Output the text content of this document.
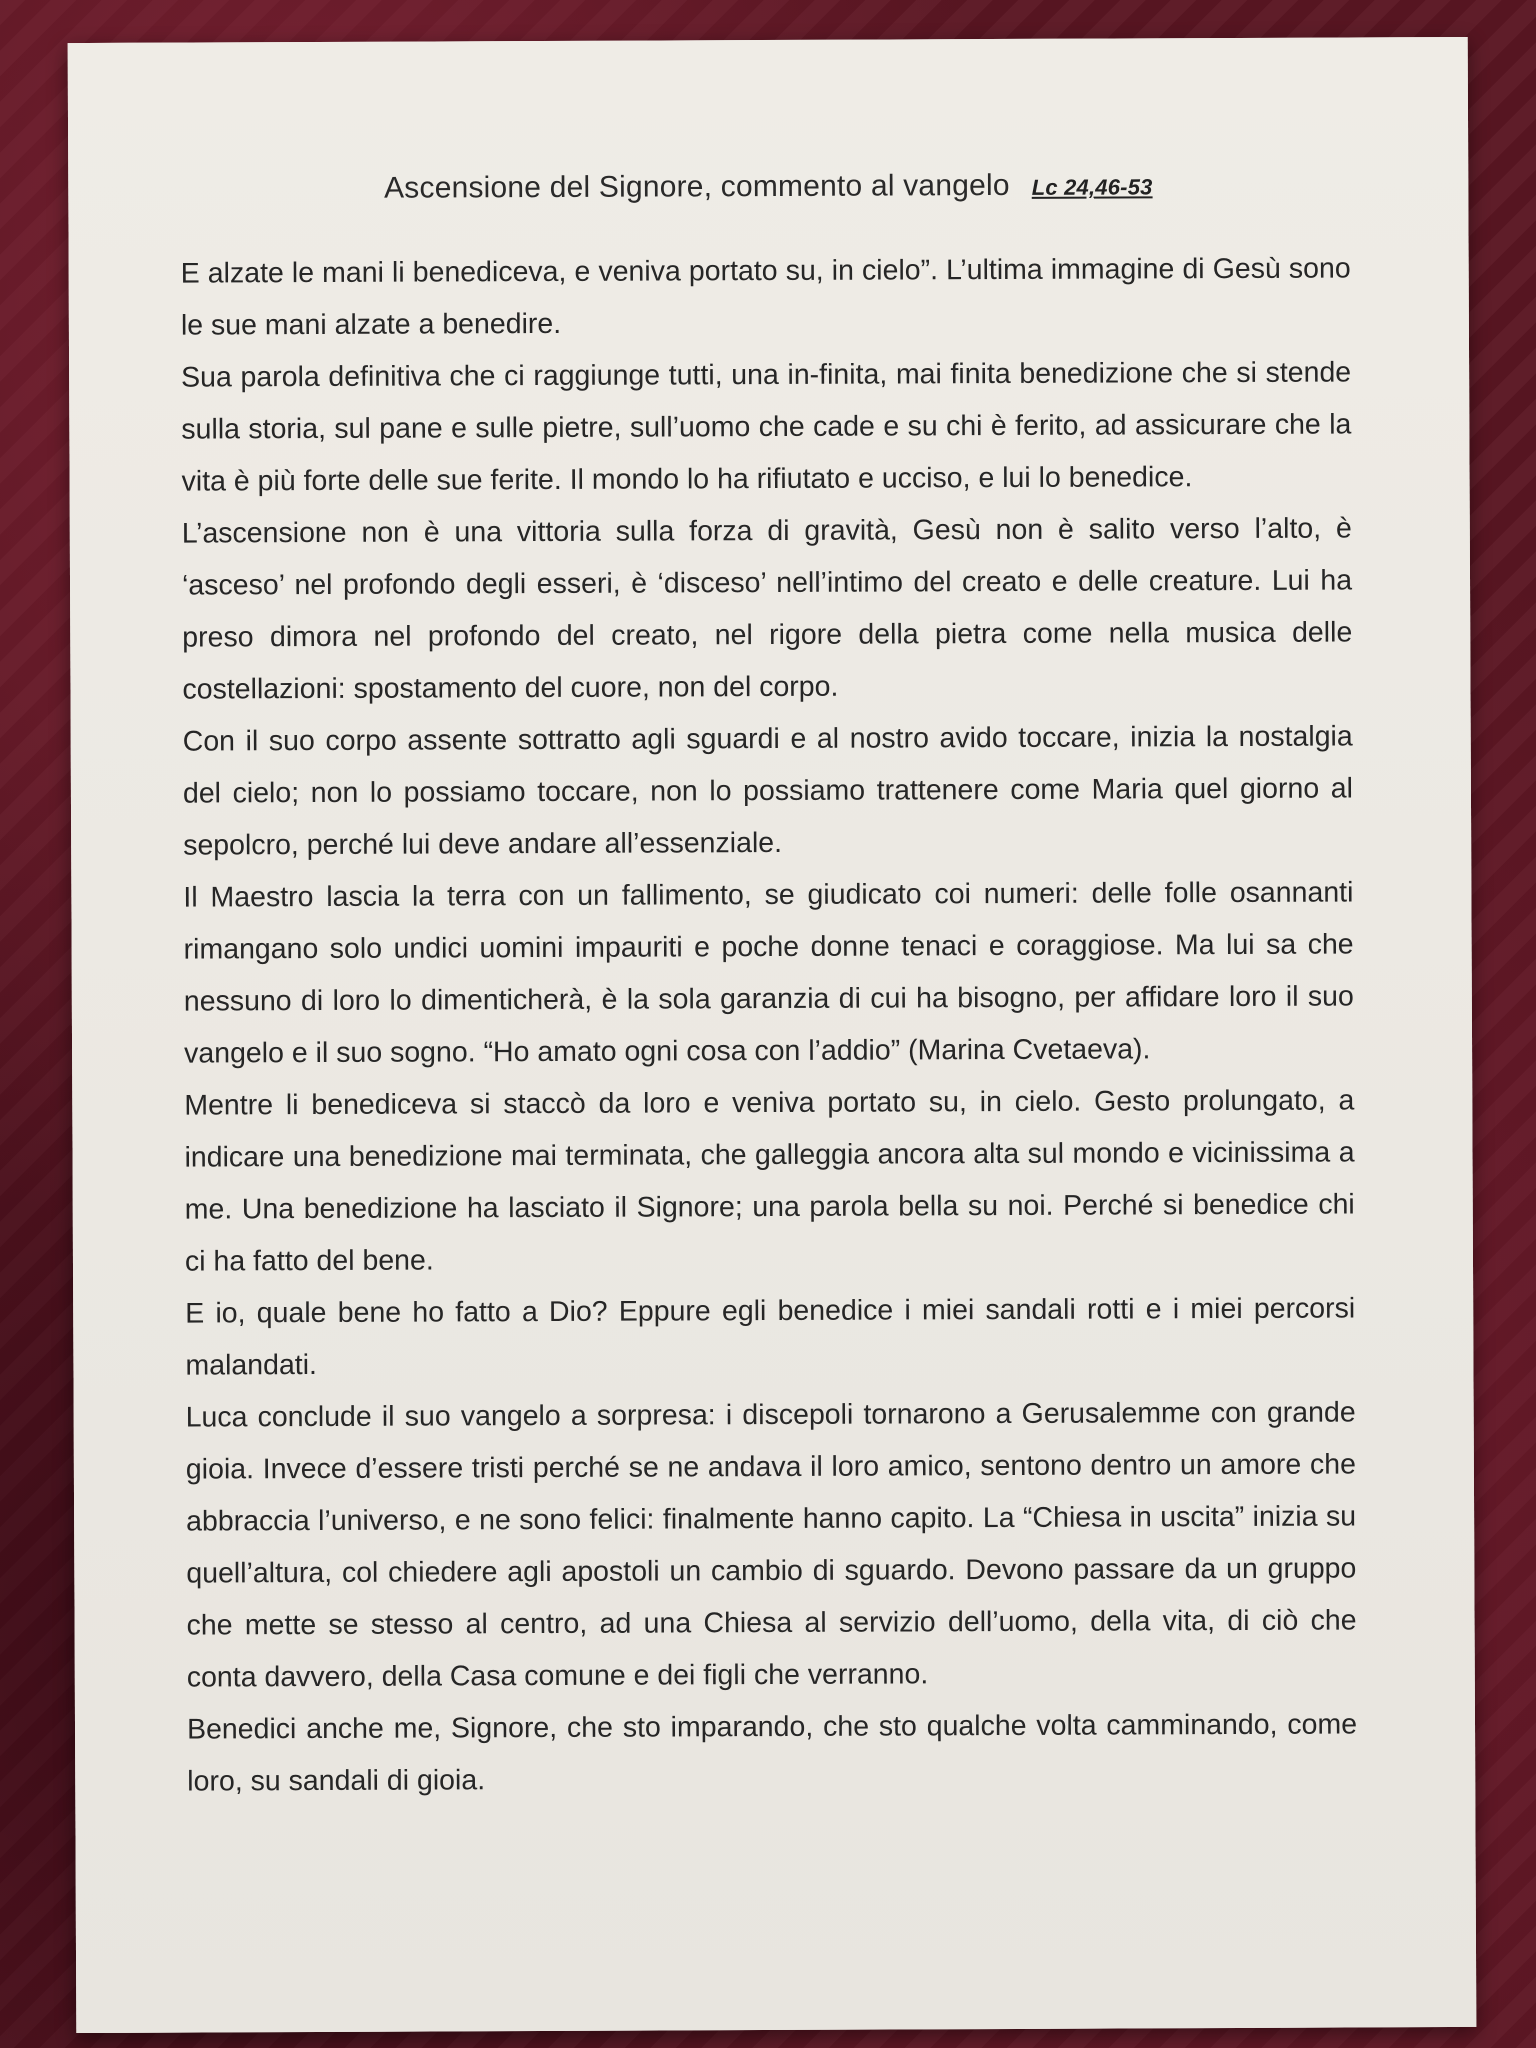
Ascensione del Signore, commento al vangelo Lc 24,46-53

E alzate le mani li benediceva, e veniva portato su, in cielo”. L’ultima immagine di Gesù sono le sue mani alzate a benedire.

Sua parola definitiva che ci raggiunge tutti, una in-finita, mai finita benedizione che si stende sulla storia, sul pane e sulle pietre, sull’uomo che cade e su chi è ferito, ad assicurare che la vita è più forte delle sue ferite. Il mondo lo ha rifiutato e ucciso, e lui lo benedice.

L’ascensione non è una vittoria sulla forza di gravità, Gesù non è salito verso l’alto, è ‘asceso’ nel profondo degli esseri, è ‘disceso’ nell’intimo del creato e delle creature. Lui ha preso dimora nel profondo del creato, nel rigore della pietra come nella musica delle costellazioni: spostamento del cuore, non del corpo.

Con il suo corpo assente sottratto agli sguardi e al nostro avido toccare, inizia la nostalgia del cielo; non lo possiamo toccare, non lo possiamo trattenere come Maria quel giorno al sepolcro, perché lui deve andare all’essenziale.

Il Maestro lascia la terra con un fallimento, se giudicato coi numeri: delle folle osannanti rimangano solo undici uomini impauriti e poche donne tenaci e coraggiose. Ma lui sa che nessuno di loro lo dimenticherà, è la sola garanzia di cui ha bisogno, per affidare loro il suo vangelo e il suo sogno. “Ho amato ogni cosa con l’addio” (Marina Cvetaeva).

Mentre li benediceva si staccò da loro e veniva portato su, in cielo. Gesto prolungato, a indicare una benedizione mai terminata, che galleggia ancora alta sul mondo e vicinissima a me. Una benedizione ha lasciato il Signore; una parola bella su noi. Perché si benedice chi ci ha fatto del bene.

E io, quale bene ho fatto a Dio? Eppure egli benedice i miei sandali rotti e i miei percorsi malandati.

Luca conclude il suo vangelo a sorpresa: i discepoli tornarono a Gerusalemme con grande gioia. Invece d’essere tristi perché se ne andava il loro amico, sentono dentro un amore che abbraccia l’universo, e ne sono felici: finalmente hanno capito. La “Chiesa in uscita” inizia su quell’altura, col chiedere agli apostoli un cambio di sguardo. Devono passare da un gruppo che mette se stesso al centro, ad una Chiesa al servizio dell’uomo, della vita, di ciò che conta davvero, della Casa comune e dei figli che verranno.

Benedici anche me, Signore, che sto imparando, che sto qualche volta camminando, come loro, su sandali di gioia.
